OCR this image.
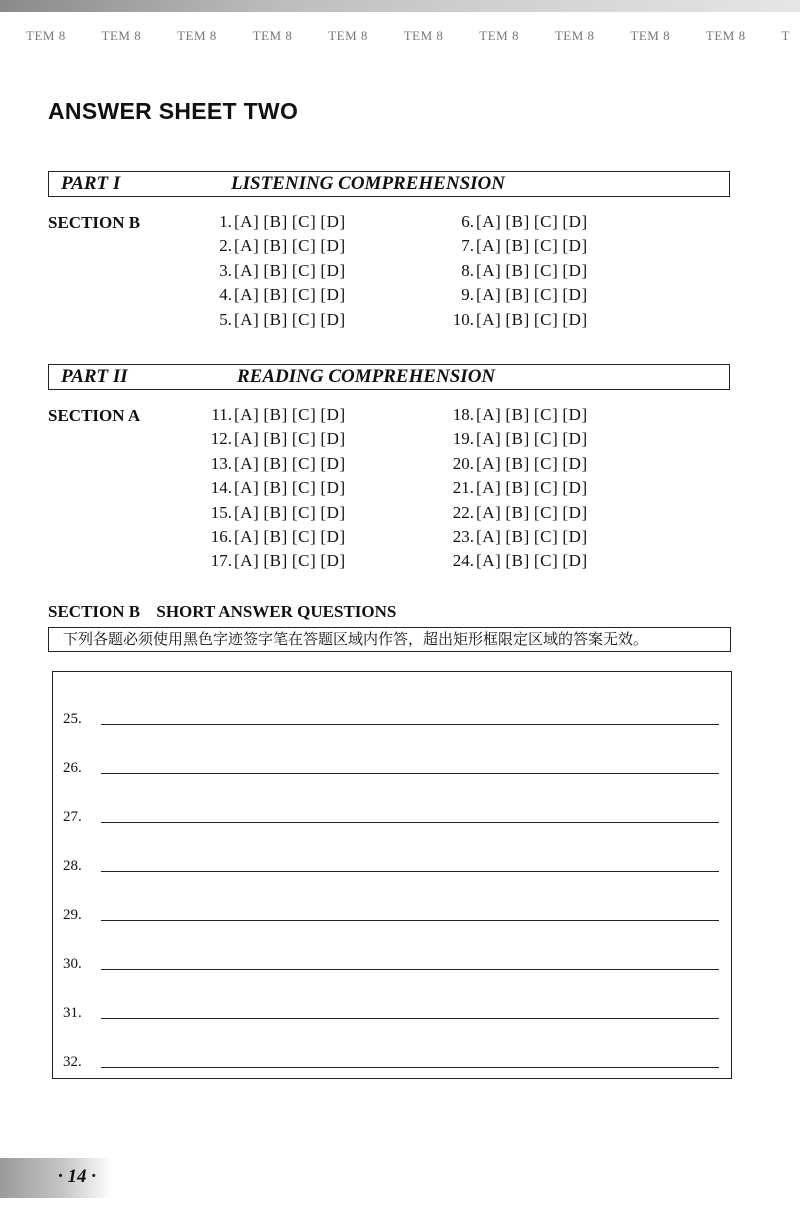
TEM 8	TEM 8	TEM 8	TEM 8	TEM 8	TEM 8	TEM 8	TEM 8	TEM 8	TEM 8	T
ANSWER SHEET TWO
PART I	LISTENING COMPREHENSION
SECTION B	1. [A] [B] [C] [D]
2. [A] [B] [C] [D]
3. [A] [B] [C] [D]
4. [A] [B] [C] [D]
5. [A] [B] [C] [D]
6. [A] [B] [C] [D]
7. [A] [B] [C] [D]
8. [A] [B] [C] [D]
9. [A] [B] [C] [D]
10. [A] [B] [C] [D]
PART II	READING COMPREHENSION
SECTION A	11. [A] [B] [C] [D]
12. [A] [B] [C] [D]
13. [A] [B] [C] [D]
14. [A] [B] [C] [D]
15. [A] [B] [C] [D]
16. [A] [B] [C] [D]
17. [A] [B] [C] [D]
18. [A] [B] [C] [D]
19. [A] [B] [C] [D]
20. [A] [B] [C] [D]
21. [A] [B] [C] [D]
22. [A] [B] [C] [D]
23. [A] [B] [C] [D]
24. [A] [B] [C] [D]
SECTION B SHORT ANSWER QUESTIONS
下列各题必须使用黑色字迹签字笔在答题区域内作答，超出矩形框限定区域的答案无效。
25.
26.
27.
28.
29.
30.
31.
32.
· 14 ·
